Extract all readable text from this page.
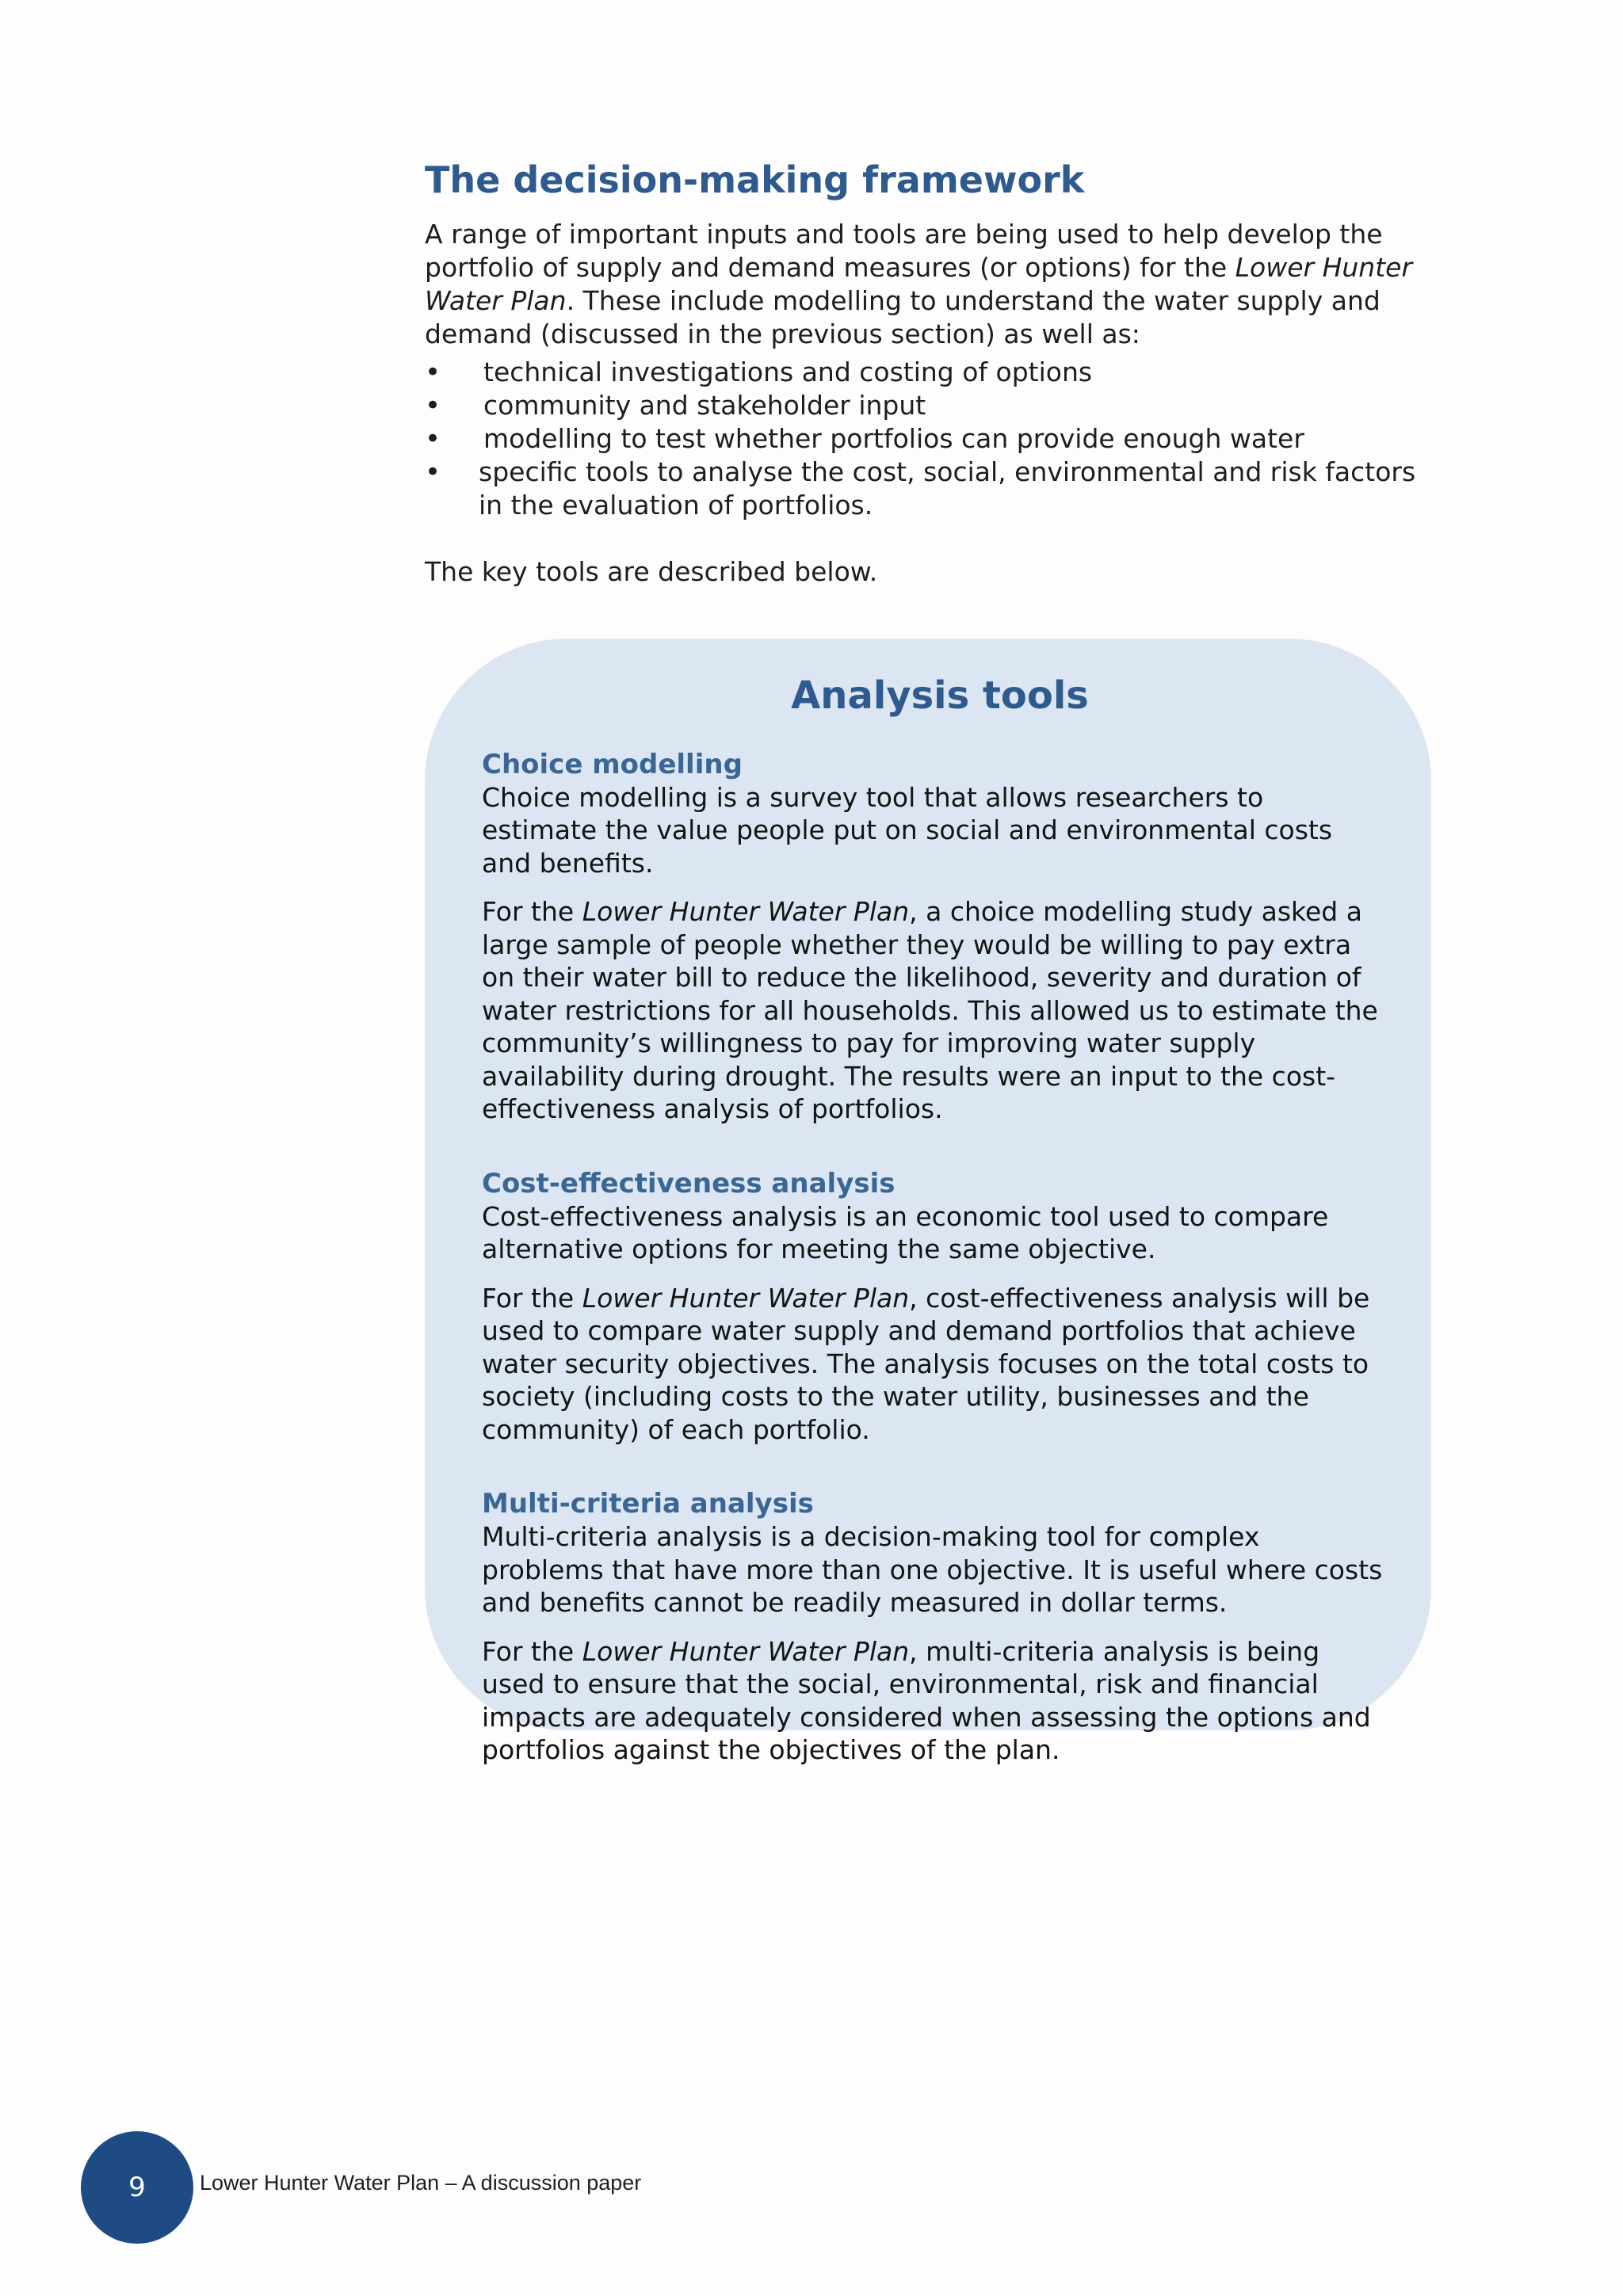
The decision-making framework

A range of important inputs and tools are being used to help develop the portfolio of supply and demand measures (or options) for the Lower Hunter Water Plan. These include modelling to understand the water supply and demand (discussed in the previous section) as well as:

• technical investigations and costing of options
• community and stakeholder input
• modelling to test whether portfolios can provide enough water
• specific tools to analyse the cost, social, environmental and risk factors in the evaluation of portfolios.

The key tools are described below.

Analysis tools
Choice modelling

Choice modelling is a survey tool that allows researchers to estimate the value people put on social and environmental costs and benefits.

For the Lower Hunter Water Plan, a choice modelling study asked a large sample of people whether they would be willing to pay extra on their water bill to reduce the likelihood, severity and duration of water restrictions for all households. This allowed us to estimate the community’s willingness to pay for improving water supply availability during drought. The results were an input to the cost-effectiveness analysis of portfolios.

Cost-effectiveness analysis

Cost-effectiveness analysis is an economic tool used to compare alternative options for meeting the same objective.

For the Lower Hunter Water Plan, cost-effectiveness analysis will be used to compare water supply and demand portfolios that achieve water security objectives. The analysis focuses on the total costs to society (including costs to the water utility, businesses and the community) of each portfolio.

Multi-criteria analysis

Multi-criteria analysis is a decision-making tool for complex problems that have more than one objective. It is useful where costs and benefits cannot be readily measured in dollar terms.

For the Lower Hunter Water Plan, multi-criteria analysis is being used to ensure that the social, environmental, risk and financial impacts are adequately considered when assessing the options and portfolios against the objectives of the plan.

9	Lower Hunter Water Plan – A discussion paper
